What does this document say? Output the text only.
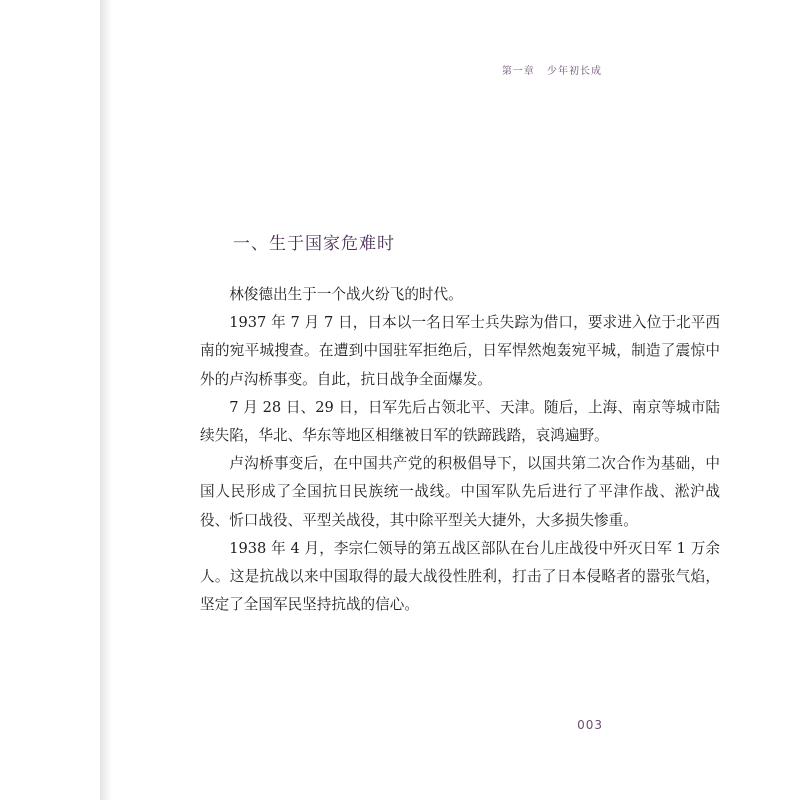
第一章 少年初长成
一、生于国家危难时

林俊德出生于一个战火纷飞的时代。

1937 年 7 月 7 日，日本以一名日军士兵失踪为借口，要求进入位于北平西南的宛平城搜查。在遭到中国驻军拒绝后，日军悍然炮轰宛平城，制造了震惊中外的卢沟桥事变。自此，抗日战争全面爆发。

7 月 28 日、29 日，日军先后占领北平、天津。随后，上海、南京等城市陆续失陷，华北、华东等地区相继被日军的铁蹄践踏，哀鸿遍野。

卢沟桥事变后，在中国共产党的积极倡导下，以国共第二次合作为基础，中国人民形成了全国抗日民族统一战线。中国军队先后进行了平津作战、淞沪战役、忻口战役、平型关战役，其中除平型关大捷外，大多损失惨重。

1938 年 4 月，李宗仁领导的第五战区部队在台儿庄战役中歼灭日军 1 万余人。这是抗战以来中国取得的最大战役性胜利，打击了日本侵略者的嚣张气焰，坚定了全国军民坚持抗战的信心。

003
